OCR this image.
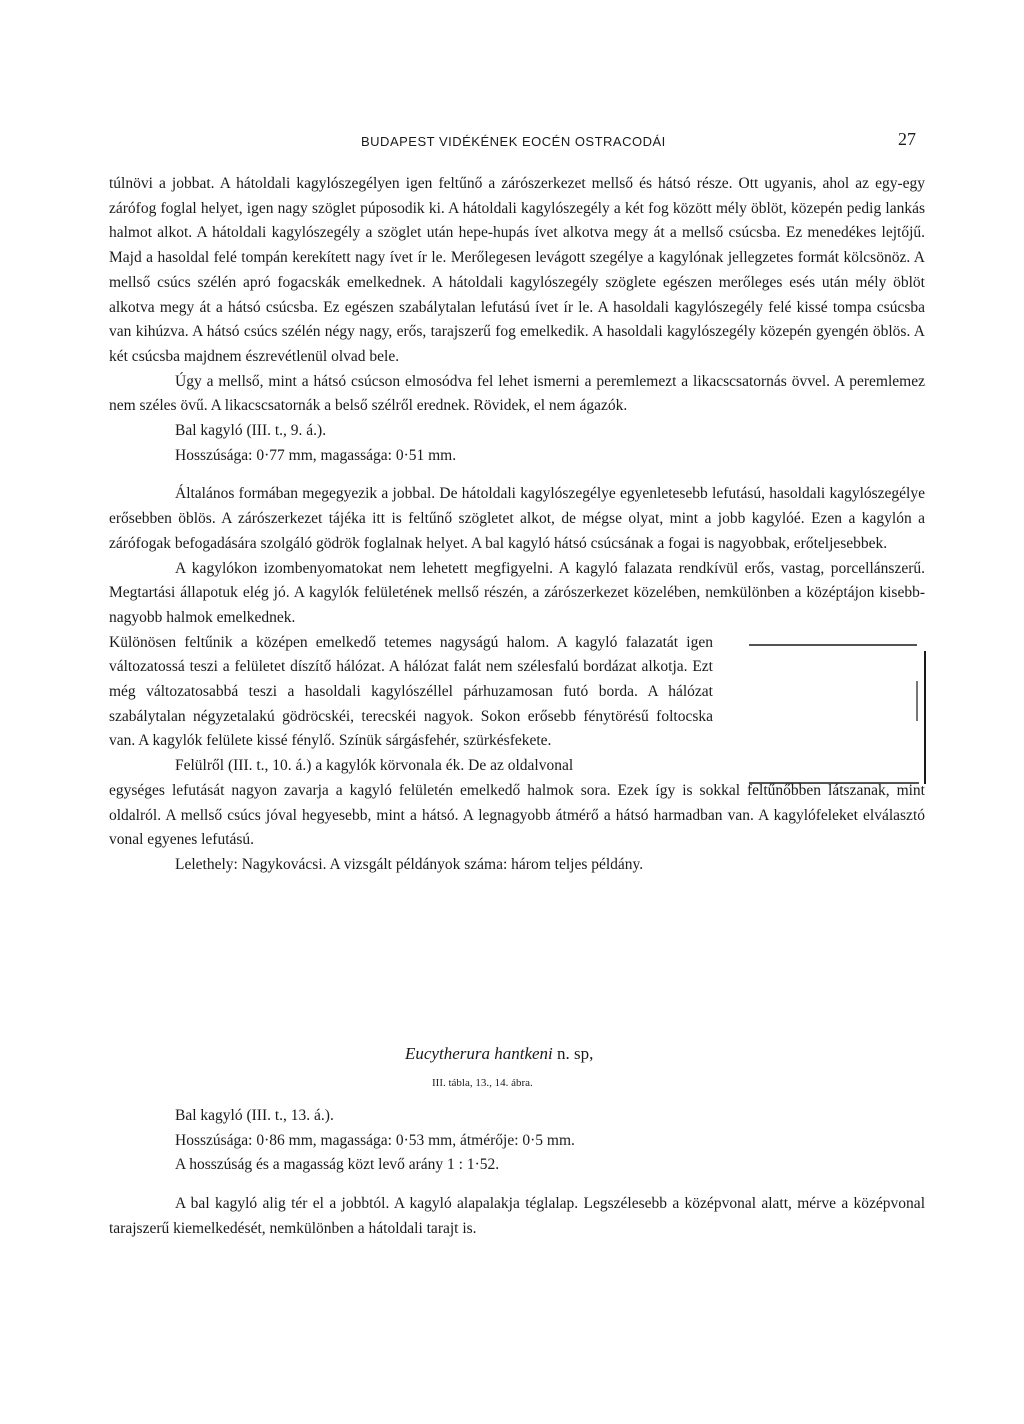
BUDAPEST VIDÉKÉNEK EOCÉN OSTRACODÁI	27

túlnövi a jobbat. A hátoldali kagylószegélyen igen feltűnő a zárószerkezet mellső és hátsó része. Ott ugyanis, ahol az egy-egy zárófog foglal helyet, igen nagy szöglet púposodik ki. A hátoldali kagylószegély a két fog között mély öblöt, közepén pedig lankás halmot alkot. A hátoldali kagylószegély a szöglet után hepe-hupás ívet alkotva megy át a mellső csúcsba. Ez menedékes lejtőjű. Majd a hasoldal felé tompán kerekített nagy ívet ír le. Merőlegesen levágott szegélye a kagylónak jellegzetes formát kölcsönöz. A mellső csúcs szélén apró fogacskák emelkednek. A hátoldali kagylószegély szöglete egészen merőleges esés után mély öblöt alkotva megy át a hátsó csúcsba. Ez egészen szabálytalan lefutású ívet ír le. A hasoldali kagylószegély felé kissé tompa csúcsba van kihúzva. A hátsó csúcs szélén négy nagy, erős, tarajszerű fog emelkedik. A hasoldali kagylószegély közepén gyengén öblös. A két csúcsba majdnem észrevétlenül olvad bele.

Úgy a mellső, mint a hátsó csúcson elmosódva fel lehet ismerni a peremlemezt a likacscsatornás övvel. A peremlemez nem széles övű. A likacscsatornák a belső szélről erednek. Rövidek, el nem ágazók.

Bal kagyló (III. t., 9. á.).

Hosszúsága: 0·77 mm, magassága: 0·51 mm.

Általános formában megegyezik a jobbal. De hátoldali kagylószegélye egyenletesebb lefutású, hasoldali kagylószegélye erősebben öblös. A zárószerkezet tájéka itt is feltűnő szögletet alkot, de mégse olyat, mint a jobb kagylóé. Ezen a kagylón a zárófogak befogadására szolgáló gödrök foglalnak helyet. A bal kagyló hátsó csúcsának a fogai is nagyobbak, erőteljesebbek.

A kagylókon izombenyomatokat nem lehetett megfigyelni. A kagyló falazata rendkívül erős, vastag, porcellánszerű. Megtartási állapotuk elég jó. A kagylók felületének mellső részén, a zárószerkezet közelében, nemkülönben a középtájon kisebb-nagyobb halmok emelkednek.

Különösen feltűnik a középen emelkedő tetemes nagyságú halom. A kagyló falazatát igen változatossá teszi a felületet díszítő hálózat. A hálózat falát nem szélesfalú bordázat alkotja. Ezt még változatosabbá teszi a hasoldali kagylószéllel párhuzamosan futó borda. A hálózat szabálytalan négyzetalakú gödröcskéi, terecskéi nagyok. Sokon erősebb fénytörésű foltocska van. A kagylók felülete kissé fénylő. Színük sárgásfehér, szürkésfekete.

Felülről (III. t., 10. á.) a kagylók körvonala ék. De az oldalvonal

egységes lefutását nagyon zavarja a kagyló felületén emelkedő halmok sora. Ezek így is sokkal feltűnőbben látszanak, mint oldalról. A mellső csúcs jóval hegyesebb, mint a hátsó. A legnagyobb átmérő a hátsó harmadban van. A kagylófeleket elválasztó vonal egyenes lefutású.

Lelethely: Nagykovácsi. A vizsgált példányok száma: három teljes példány.

Eucytherura hantkeni n. sp,
III. tábla, 13., 14. ábra.

Bal kagyló (III. t., 13. á.).

Hosszúsága: 0·86 mm, magassága: 0·53 mm, átmérője: 0·5 mm.

A hosszúság és a magasság közt levő arány 1 : 1·52.

A bal kagyló alig tér el a jobbtól. A kagyló alapalakja téglalap. Legszélesebb a középvonal alatt, mérve a középvonal tarajszerű kiemelkedését, nemkülönben a hátoldali tarajt is.
